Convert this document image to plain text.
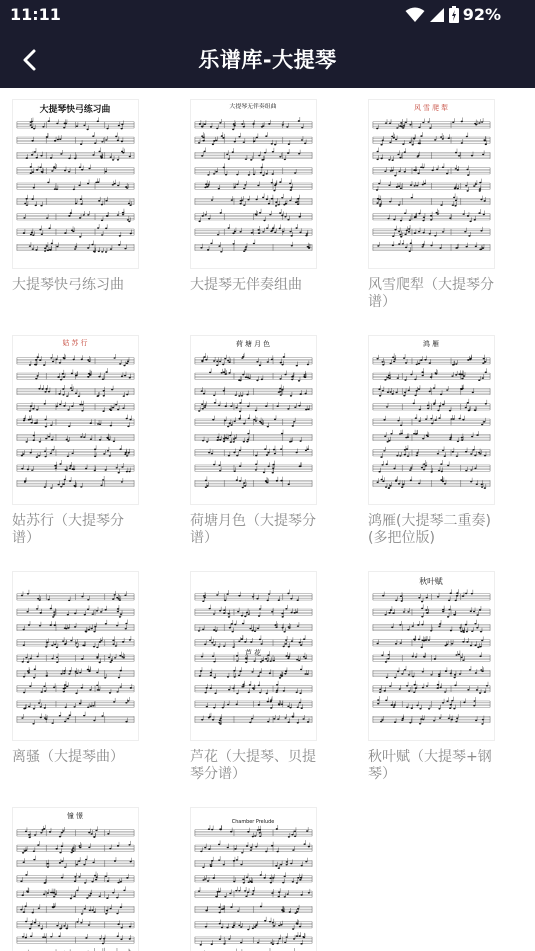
11:11	92%
乐谱库-大提琴
大提琴快弓练习曲
大提琴快弓练习曲
大提琴无伴奏组曲
大提琴无伴奏组曲
风 雪 爬 犁
风雪爬犁（大提琴分谱）
姑 苏 行
姑苏行（大提琴分谱）
荷 塘 月 色
荷塘月色（大提琴分谱）
鸿 雁
鸿雁(大提琴二重奏)(多把位版)
离骚（大提琴曲）
芦 花
芦花（大提琴、贝提琴分谱）
秋叶赋
秋叶赋（大提琴+钢琴）
憧 憬
Chamber Prelude
